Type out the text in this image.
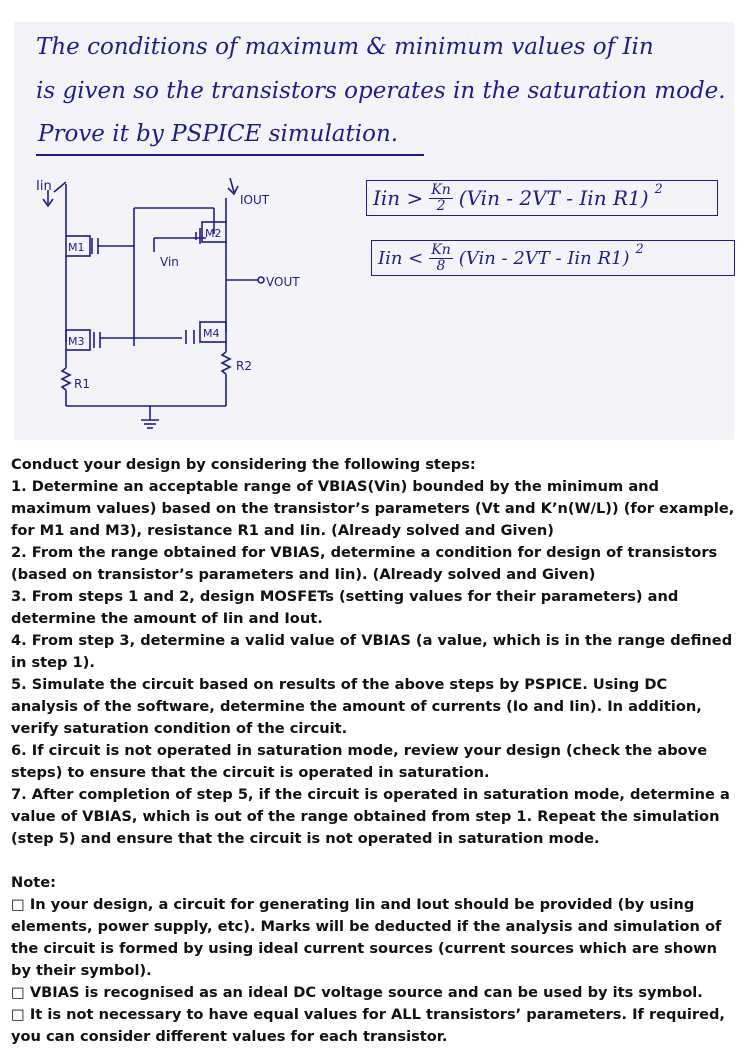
The conditions of maximum & minimum values of Iin

is given so the transistors operates in the saturation mode.

Prove it by PSPICE simulation.

Iin
M1
Vin
M2
IOUT
VOUT
M3
M4
R1
R2
Iin > $\frac{Kn}{2} (Vin - 2VT$ - Iin R1) 2
Iin < $\frac{Kn}{8} (Vin - 2VT$ - Iin R1) 2

Conduct your design by considering the following steps:

1. Determine an acceptable range of VBIAS(Vin) bounded by the minimum and maximum values) based on the transistor’s parameters (Vt and K’n(W/L)) (for example, for M1 and M3), resistance R1 and Iin. (Already solved and Given)

2. From the range obtained for VBIAS, determine a condition for design of transistors (based on transistor’s parameters and Iin). (Already solved and Given)

3. From steps 1 and 2, design MOSFETs (setting values for their parameters) and determine the amount of Iin and Iout.

4. From step 3, determine a valid value of VBIAS (a value, which is in the range defined in step 1).

5. Simulate the circuit based on results of the above steps by PSPICE. Using DC analysis of the software, determine the amount of currents (Io and Iin). In addition, verify saturation condition of the circuit.

6. If circuit is not operated in saturation mode, review your design (check the above steps) to ensure that the circuit is operated in saturation.

7. After completion of step 5, if the circuit is operated in saturation mode, determine a value of VBIAS, which is out of the range obtained from step 1. Repeat the simulation (step 5) and ensure that the circuit is not operated in saturation mode.

Note:

□ In your design, a circuit for generating Iin and Iout should be provided (by using elements, power supply, etc). Marks will be deducted if the analysis and simulation of the circuit is formed by using ideal current sources (current sources which are shown by their symbol).

□ VBIAS is recognised as an ideal DC voltage source and can be used by its symbol.

□ It is not necessary to have equal values for ALL transistors’ parameters. If required, you can consider different values for each transistor.
